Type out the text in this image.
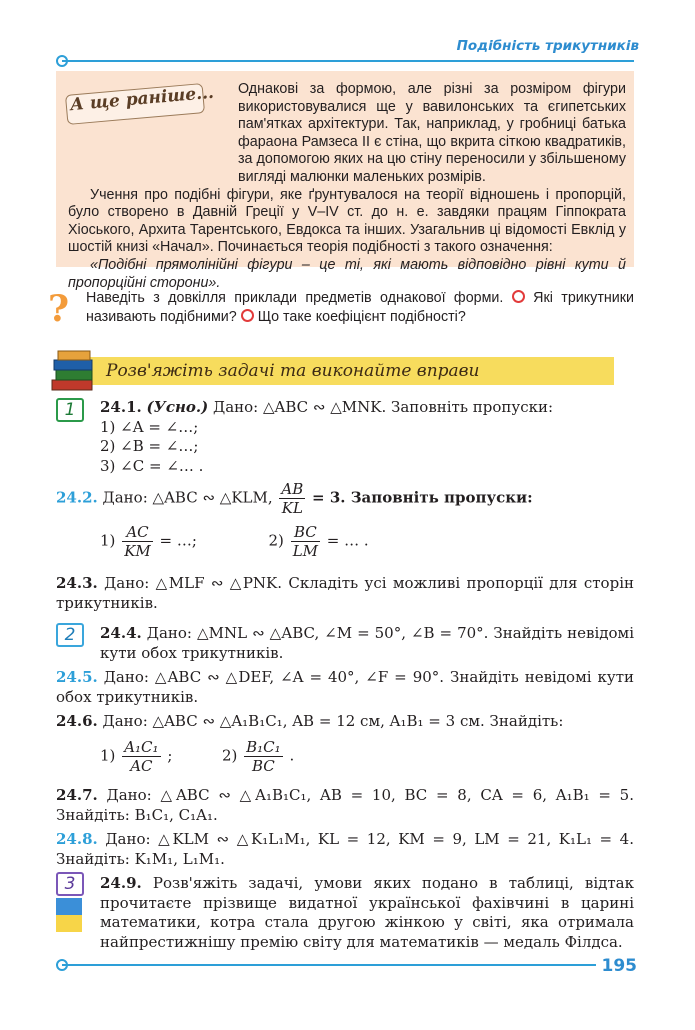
Подібність трикутників
А ще раніше...	Однакові за формою, але різні за розміром фігури використовувалися ще у вавилонських та єгипетських пам'ятках архітектури. Так, наприклад, у гробниці батька фараона Рамзеса II є стіна, що вкрита сіткою квадратиків, за допомогою яких на цю стіну переносили у збільшеному вигляді малюнки маленьких розмірів.

Учення про подібні фігури, яке ґрунтувалося на теорії відношень і пропорцій, було створено в Давній Греції у V–IV ст. до н. е. завдяки працям Гіппократа Хіоського, Архита Тарентського, Евдокса та інших. Узагальнив ці відомості Евклід у шостій книзі «Начал». Починається теорія подібності з такого означення:

«Подібні прямолінійні фігури – це ті, які мають відповідно рівні кути й пропорційні сторони».

? Наведіть з довкілля приклади предметів однакової форми. Які трикутники називають подібними? Що таке коефіцієнт подібності?
Розв'яжіть задачі та виконайте вправи
1
2
3
24.1. (Усно.) Дано: △ABC ∾ △MNK. Заповніть пропуски:
1) ∠A = ∠…;
2) ∠B = ∠…;
3) ∠C = ∠… .
24.2. Дано: △ABC ∾ △KLM, $\frac{AB}{KL} = 3$. Заповніть пропуски:
$1) \frac{AC}{KM}$ = …;	$2) \frac{BC}{LM}$ = … .
24.3. Дано: △MLF ∾ △PNK. Складіть усі можливі пропорції для сторін трикутників.
24.4. Дано: △MNL ∾ △ABC, ∠M = 50°, ∠B = 70°. Знайдіть невідомі кути обох трикутників.
24.5. Дано: △ABC ∾ △DEF, ∠A = 40°, ∠F = 90°. Знайдіть невідомі кути обох трикутників.
24.6. Дано: △ABC ∾ △A₁B₁C₁, AB = 12 см, A₁B₁ = 3 см. Знайдіть:
$1) \frac{\text{A₁C₁}}{AC}$ ;	$2) \frac{\text{B₁C₁}}{BC}$ .
24.7. Дано: △ABC ∾ △A₁B₁C₁, AB = 10, BC = 8, CA = 6, A₁B₁ = 5. Знайдіть: B₁C₁, C₁A₁.
24.8. Дано: △KLM ∾ △K₁L₁M₁, KL = 12, KM = 9, LM = 21, K₁L₁ = 4. Знайдіть: K₁M₁, L₁M₁.
24.9. Розв'яжіть задачі, умови яких подано в таблиці, відтак прочитаєте прізвище видатної української фахівчині в царині математики, котра стала другою жінкою у світі, яка отримала найпрестижнішу премію світу для математиків — медаль Філдса.
195
